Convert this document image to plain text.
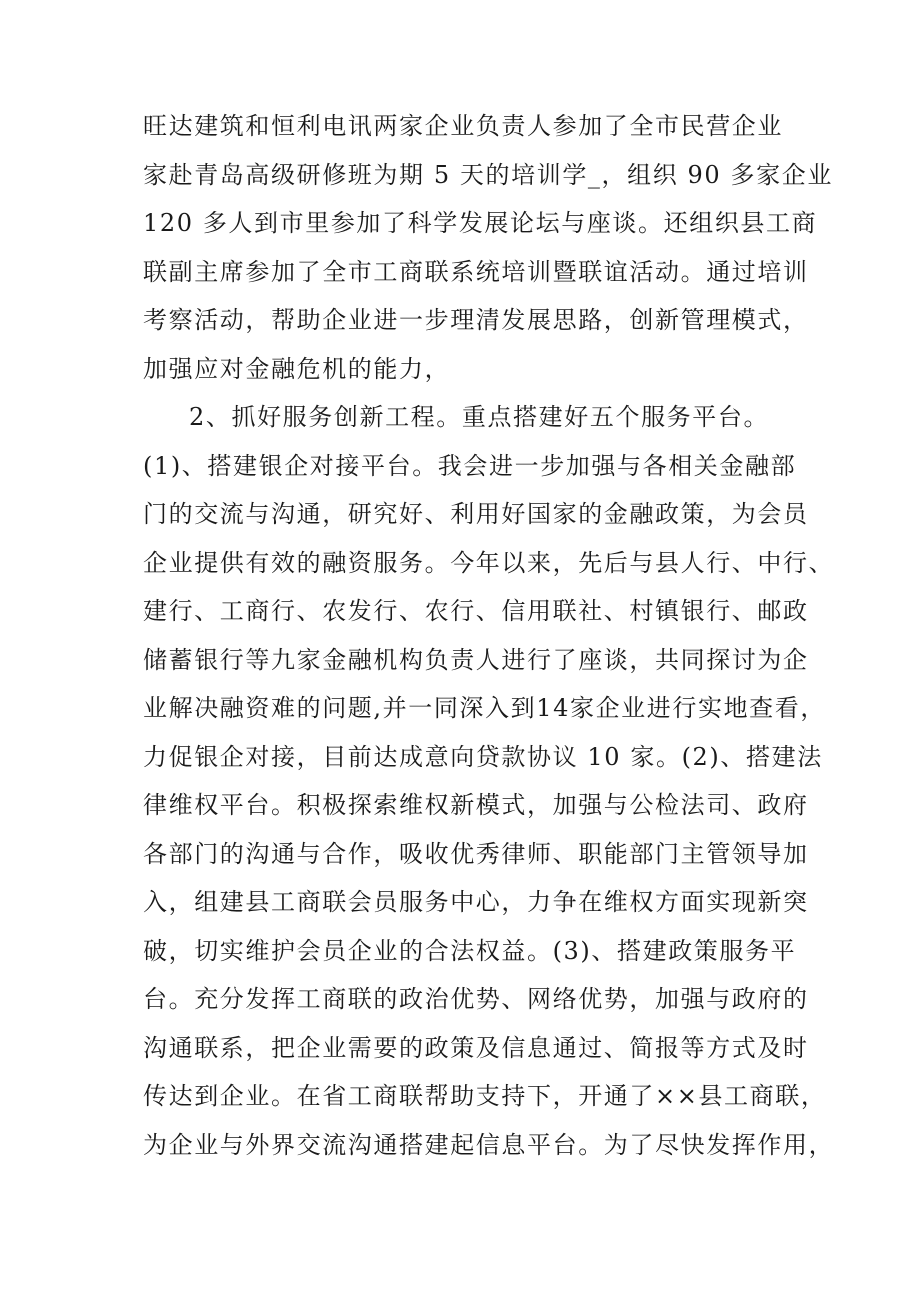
旺达建筑和恒利电讯两家企业负责人参加了全市民营企业
家赴青岛高级研修班为期 5 天的培训学_，组织 90 多家企业
120 多人到市里参加了科学发展论坛与座谈。还组织县工商
联副主席参加了全市工商联系统培训暨联谊活动。通过培训
考察活动，帮助企业进一步理清发展思路，创新管理模式，
加强应对金融危机的能力，
2、抓好服务创新工程。重点搭建好五个服务平台。
(1)、搭建银企对接平台。我会进一步加强与各相关金融部
门的交流与沟通，研究好、利用好国家的金融政策，为会员
企业提供有效的融资服务。今年以来，先后与县人行、中行、
建行、工商行、农发行、农行、信用联社、村镇银行、邮政
储蓄银行等九家金融机构负责人进行了座谈，共同探讨为企
业解决融资难的问题,并一同深入到14家企业进行实地查看，
力促银企对接，目前达成意向贷款协议 10 家。(2)、搭建法
律维权平台。积极探索维权新模式，加强与公检法司、政府
各部门的沟通与合作，吸收优秀律师、职能部门主管领导加
入，组建县工商联会员服务中心，力争在维权方面实现新突
破，切实维护会员企业的合法权益。(3)、搭建政策服务平
台。充分发挥工商联的政治优势、网络优势，加强与政府的
沟通联系，把企业需要的政策及信息通过、简报等方式及时
传达到企业。在省工商联帮助支持下，开通了××县工商联，
为企业与外界交流沟通搭建起信息平台。为了尽快发挥作用，
